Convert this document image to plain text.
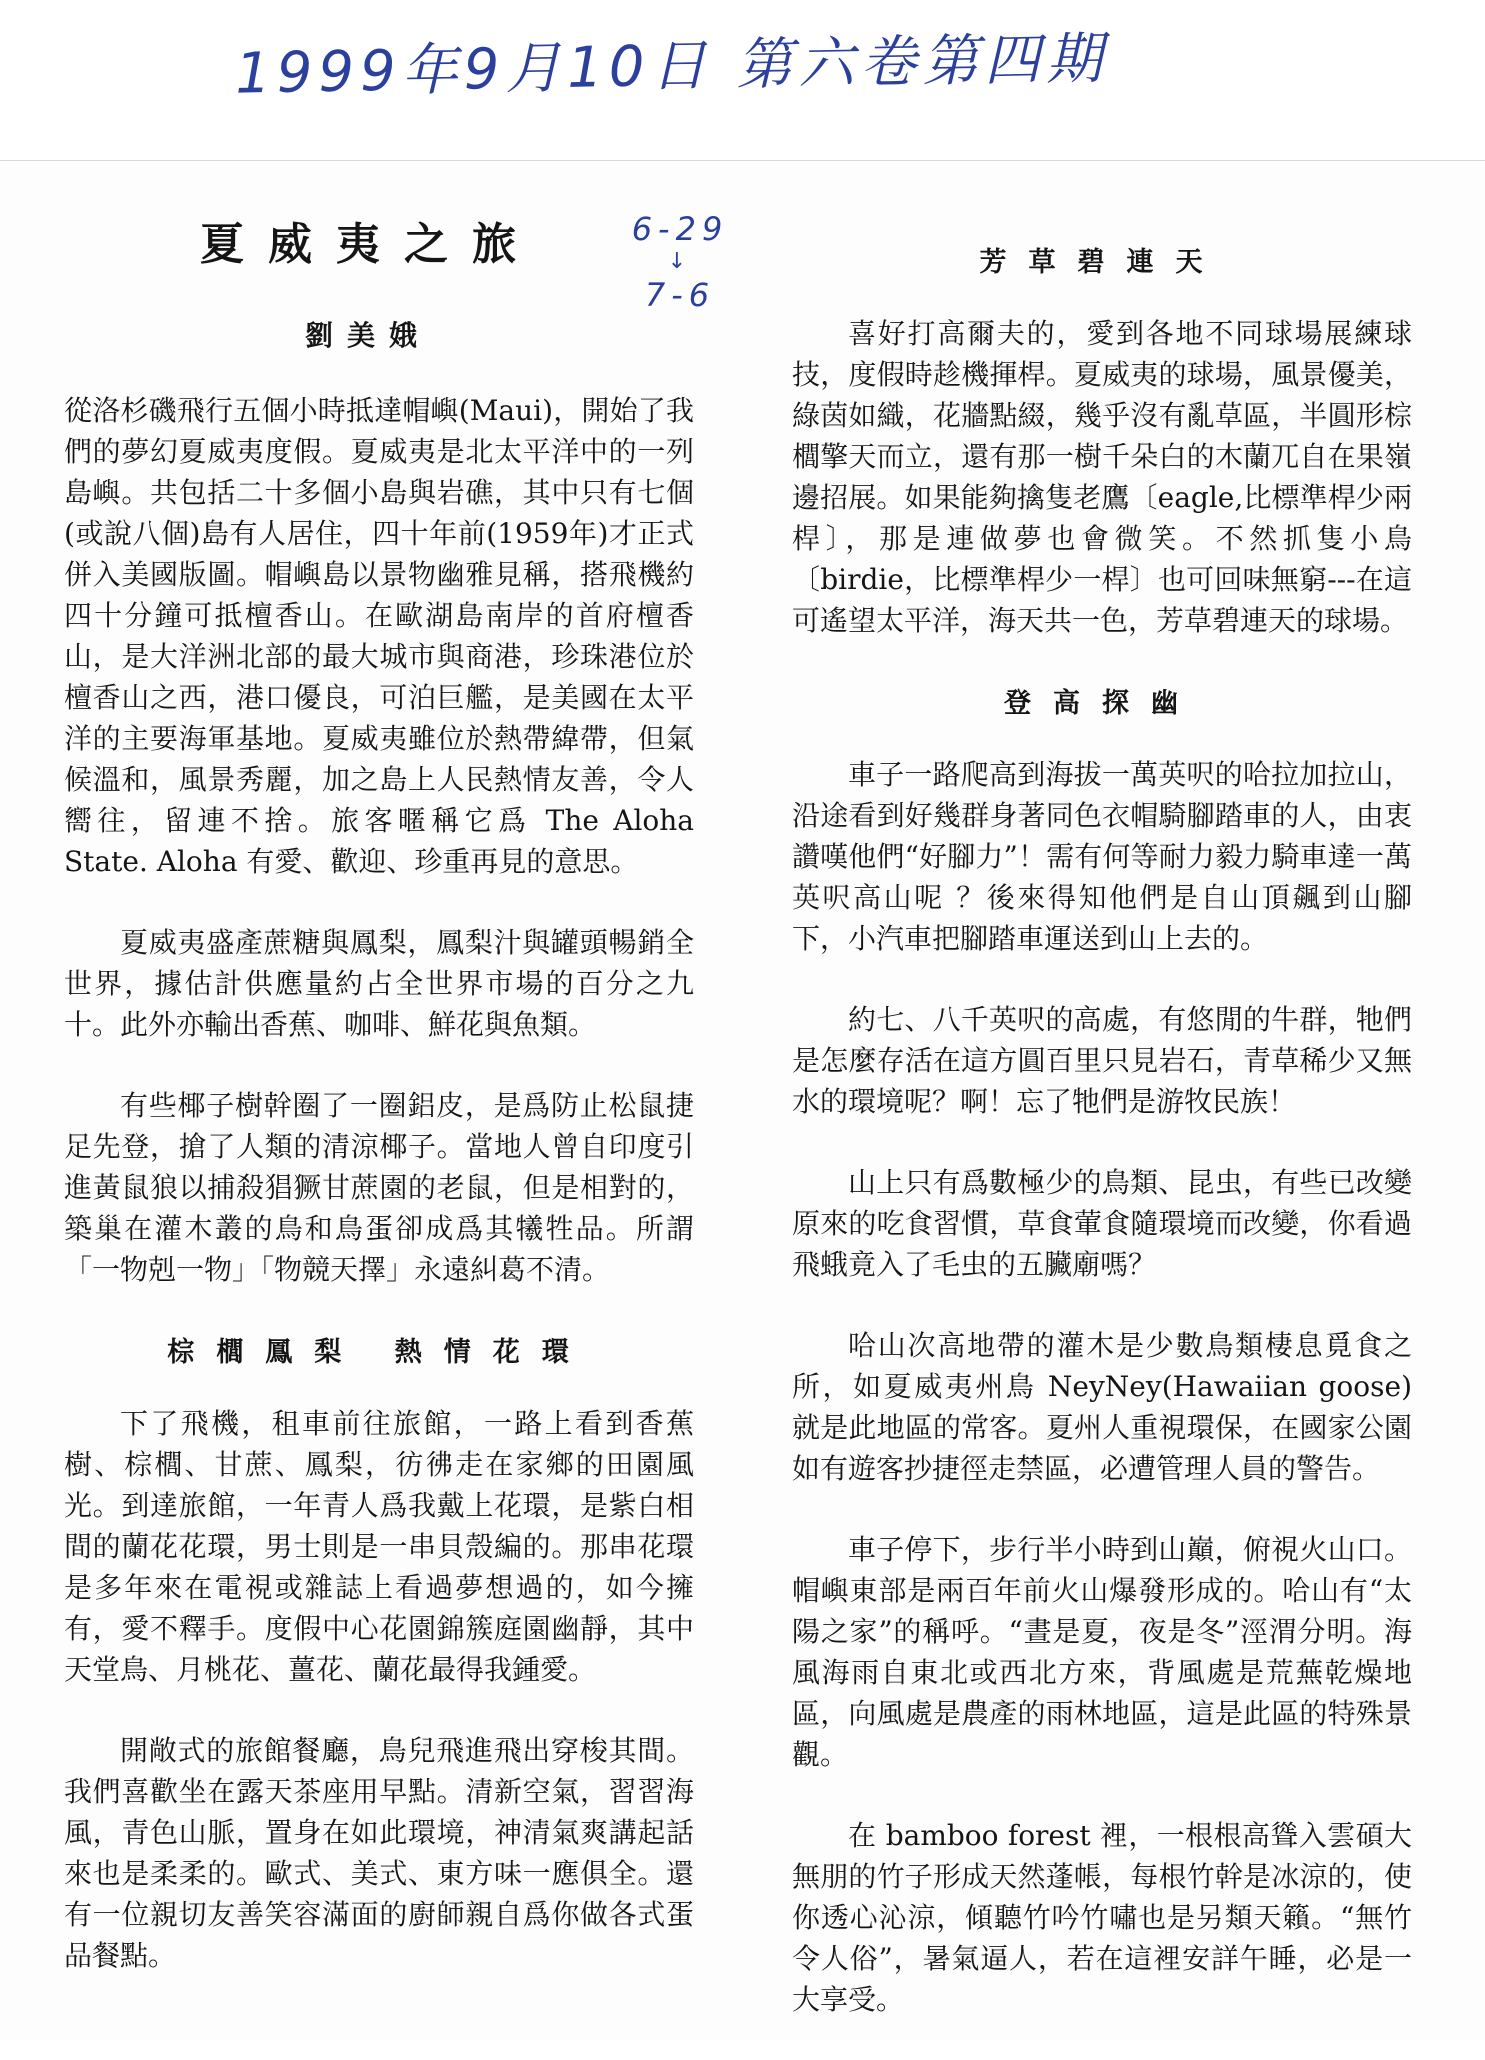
1999年9月10日 第六卷第四期
夏威夷之旅	6-29
↓
7-6
劉美娥

從洛杉磯飛行五個小時抵達帽嶼(Maui)，開始了我們的夢幻夏威夷度假。夏威夷是北太平洋中的一列島嶼。共包括二十多個小島與岩礁，其中只有七個(或說八個)島有人居住，四十年前(1959年)才正式併入美國版圖。帽嶼島以景物幽雅見稱，搭飛機約四十分鐘可抵檀香山。在歐湖島南岸的首府檀香山，是大洋洲北部的最大城市與商港，珍珠港位於檀香山之西，港口優良，可泊巨艦，是美國在太平洋的主要海軍基地。夏威夷雖位於熱帶緯帶，但氣候溫和，風景秀麗，加之島上人民熱情友善，令人嚮往，留連不捨。旅客暱稱它爲 The Aloha State. Aloha 有愛、歡迎、珍重再見的意思。

夏威夷盛產蔗糖與鳳梨，鳳梨汁與罐頭暢銷全世界，據估計供應量約占全世界市場的百分之九十。此外亦輸出香蕉、咖啡、鮮花與魚類。

有些椰子樹幹圈了一圈鋁皮，是爲防止松鼠捷足先登，搶了人類的清涼椰子。當地人曾自印度引進黃鼠狼以捕殺猖獗甘蔗園的老鼠，但是相對的，築巢在灌木叢的鳥和鳥蛋卻成爲其犧牲品。所謂「一物剋一物」「物競天擇」永遠糾葛不清。

棕櫚鳳梨 熱情花環

下了飛機，租車前往旅館，一路上看到香蕉樹、棕櫚、甘蔗、鳳梨，彷彿走在家鄉的田園風光。到達旅館，一年青人爲我戴上花環，是紫白相間的蘭花花環，男士則是一串貝殼編的。那串花環是多年來在電視或雜誌上看過夢想過的，如今擁有，愛不釋手。度假中心花園錦簇庭園幽靜，其中天堂鳥、月桃花、薑花、蘭花最得我鍾愛。

開敞式的旅館餐廳，鳥兒飛進飛出穿梭其間。我們喜歡坐在露天茶座用早點。清新空氣，習習海風，青色山脈，置身在如此環境，神清氣爽講起話來也是柔柔的。歐式、美式、東方味一應俱全。還有一位親切友善笑容滿面的廚師親自爲你做各式蛋品餐點。

芳草碧連天

喜好打高爾夫的，愛到各地不同球場展練球技，度假時趁機揮桿。夏威夷的球場，風景優美，綠茵如織，花牆點綴，幾乎沒有亂草區，半圓形棕櫚擎天而立，還有那一樹千朵白的木蘭兀自在果嶺邊招展。如果能夠擒隻老鷹〔eagle,比標準桿少兩桿〕，那是連做夢也會微笑。不然抓隻小鳥〔birdie，比標準桿少一桿〕也可回味無窮---在這可遙望太平洋，海天共一色，芳草碧連天的球場。

登高探幽

車子一路爬高到海拔一萬英呎的哈拉加拉山，沿途看到好幾群身著同色衣帽騎腳踏車的人，由衷讚嘆他們“好腳力”！需有何等耐力毅力騎車達一萬英呎高山呢 ？後來得知他們是自山頂飆到山腳下，小汽車把腳踏車運送到山上去的。

約七、八千英呎的高處，有悠閒的牛群，牠們是怎麼存活在這方圓百里只見岩石，青草稀少又無水的環境呢？啊！忘了牠們是游牧民族！

山上只有爲數極少的鳥類、昆虫，有些已改變原來的吃食習慣，草食葷食隨環境而改變，你看過飛蛾竟入了毛虫的五臟廟嗎？

哈山次高地帶的灌木是少數鳥類棲息覓食之所，如夏威夷州鳥 NeyNey(Hawaiian goose)就是此地區的常客。夏州人重視環保，在國家公園如有遊客抄捷徑走禁區，必遭管理人員的警告。

車子停下，步行半小時到山巔，俯視火山口。帽嶼東部是兩百年前火山爆發形成的。哈山有“太陽之家”的稱呼。“晝是夏，夜是冬”涇渭分明。海風海雨自東北或西北方來，背風處是荒蕪乾燥地區，向風處是農產的雨林地區，這是此區的特殊景觀。

在 bamboo forest 裡，一根根高聳入雲碩大無朋的竹子形成天然蓬帳，每根竹幹是冰涼的，使你透心沁涼，傾聽竹吟竹嘯也是另類天籟。“無竹令人俗”，暑氣逼人，若在這裡安詳午睡，必是一大享受。
